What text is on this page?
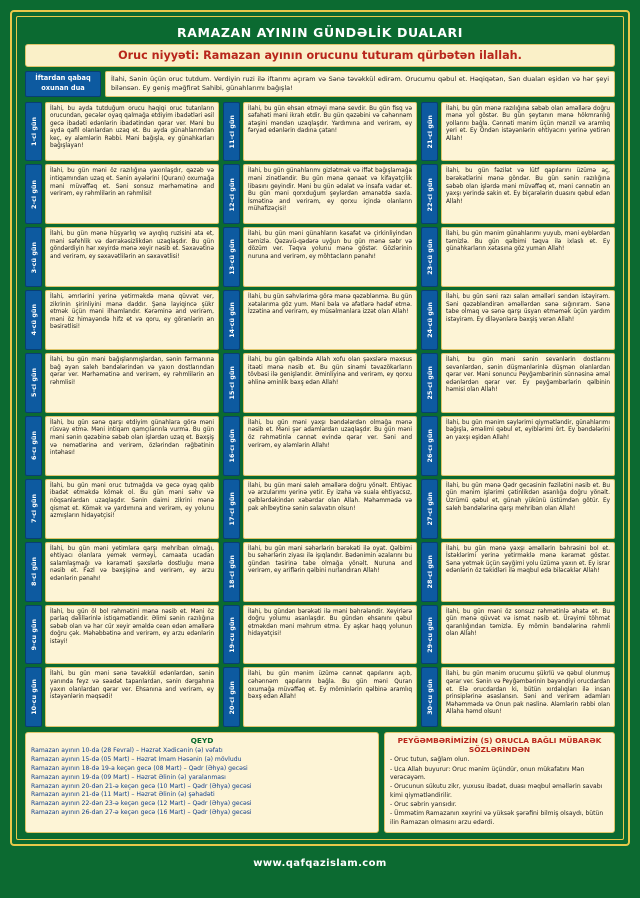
RAMAZAN AYININ GÜNDƏLİK DUALARI
Oruc niyyəti: Ramazan ayının orucunu tuturam qürbətən ilallah.
İftardan qabaq
oxunan dua
İlahi, Sənin üçün oruc tutdum. Verdiyin ruzi ilə iftarımı açıram və Sənə təvəkkül edirəm. Orucumu qəbul et. Həqiqətən, Sən duaları eşidən və hər şeyi bilənsən. Ey geniş məğfirət Sahibi, günahlarımı bağışla!
1-ci gün
İlahi, bu ayda tutduğum orucu həqiqi oruc tutanların orucundan, gecələr oyaq qalmağa etdiyim ibadətləri əsil gecə ibadəti edənlərin ibadətindən qərar ver. Məni bu ayda qafil olanlardan uzaq et. Bu ayda günahlarımdan keç, ey aləmlərin Rəbbi. Məni bağışla, ey günahkarları bağışlayan!
2-ci gün
İlahi, bu gün məni öz razılığına yaxınlaşdır, qəzəb və intiqamından uzaq et. Sənin ayələrini (Quranı) oxumağa məni müvəffəq et. Səni sonsuz mərhəmətinə and verirəm, ey rəhmlilərin ən rəhmlisi!
3-cü gün
İlahi, bu gün mənə hüşyarlıq və ayıqlıq ruzisini ata et, məni səfehlik və dərrakəsizlikdən uzaqlaşdır. Bu gün göndərdiyin hər xeyirdə mənə xeyir nəsib et. Səxavətinə and verirəm, ey səxavətlilərin ən səxavətlisi!
4-cü gün
İlahi, əmrlərini yerinə yetirməkdə mənə qüvvət ver, zikrinin şirinliyini mənə daddır. Şənə layiqincə şükr etmək üçün məni ilhamlandır. Kərəminə and verirəm, məni öz himayəndə hifz et və qoru, ey görənlərin ən bəsirətlisi!
5-ci gün
İlahi, bu gün məni bağışlanmışlardan, sənin fərmanına bağ əyən saleh bəndələrindən və yaxın dostlarından qərar ver. Mərhəmətinə and verirəm, ey rəhmlilərin ən rəhmlisi!
6-cı gün
İlahi, bu gün sənə qarşı etdiyim günahlara görə məni rüsvay etmə. Məni intiqam qamçılarınla vurma. Bu gün məni sənin qəzəbinə səbəb olan işlərdən uzaq et. Bəxşiş və nemətlərinə and verirəm, özlərindən rəğbətinin intəhası!
7-ci gün
İlahi, bu gün məni oruc tutmağda və gecə oyaq qalıb ibadət etməkdə kömək ol. Bu gün məni səhv və nöqsanlardan uzaqlaşdır. Sənin daimi zikrini mənə qismət et. Kömək və yardımına and verirəm, ey yolunu azmışların hidayətçisi!
8-ci gün
İlahi, bu gün məni yetimlərə qarşı mehriban olmağı, ehtiyacı olanlara yemək verməyi, camaata ucadan salamlaşmağı və kəraməti şəxslərlə dostluğu mənə nəsib et. Fəzl və bəxşişinə and verirəm, ey arzu edənlərin pənahı!
9-cu gün
İlahi, bu gün öl bol rəhmətini mənə nəsib et. Məni öz parlaq dəlillərinlə istiqamətləndir. Əlimi sənin razılığına səbəb olan və hər cür xeyir əməldə ceən edən əməllərə doğru çək. Məhəbbətinə and verirəm, ey arzu edənlərin istəyi!
10-cu gün
İlahi, bu gün məni sənə təvəkkül edənlərdən, sənin yanında feyz və səadət tapanlardan, sənin dərgahına yaxın olanlardan qərar ver. Ehsanına and verirəm, ey istəyənlərin məqsədi!
11-ci gün
İlahi, bu gün ehsan etməyi mənə sevdir. Bu gün fisq və səfahəti məni ikrah etdir. Bu gün qəzəbini və cəhənnəm atəşini məndən uzaqlaşdır. Yardımına and verirəm, ey fəryad edənlərin dadına çatan!
12-ci gün
İlahi, bu gün günahlarımı gizlətmək və iffət bağışlamağa məni zinətləndir. Bu gün mənə qənaət və kifayətçilik libasını geyindir. Məni bu gün ədalət və insafa vadar et. Bu gün məni qorxduğum şeylərdən əmanətdə saxla. İsmətinə and verirəm, ey qorxu içində olanların mühafizəçisi!
13-cü gün
İlahi, bu gün məni günahların kəsafət və çirkinliyindən təmizlə. Qəzavü-qədərə uyğun bu gün mənə səbr və dözüm ver. Təqva yolunu mənə göstər. Gözlərinin nuruna and verirəm, ey möhtacların pənahı!
14-cü gün
İlahi, bu gün səhvlərimə görə mənə qəzəblənmə. Bu gün xətalarıma göz yum. Məni bəla və afətlərə hədəf etmə. İzzətinə and verirəm, ey müsəlmanlara izzət olan Allah!
15-ci gün
İlahi, bu gün qəlbində Allah xofu olan şəxslərə məxsus itaəti mənə nəsib et. Bu gün sinəmi təvazökarların tövbəsi ilə genişləndir. Əminliyinə and verirəm, ey qorxu əhlinə əminlik bəxş edən Allah!
16-cı gün
İlahi, bu gün məni yaxşı bəndələrdən olmağa mənə nəsib et. Məni şər adamlardan uzaqlaşdır. Bu gün məni öz rəhmətinlə cənnət evində qərar ver. Səni and verirəm, ey aləmlərin Allahı!
17-ci gün
İlahi, bu gün məni saleh əməllərə doğru yönəlt. Ehtiyac və arzularımı yerinə yetir. Ey izaha və suala ehtiyacsız, qəlblərdəkindən xəbərdar olan Allah. Məhəmmədə və pak əhlbeytinə sənin salavatın olsun!
18-ci gün
İlahi, bu gün məni səhərlərin bərəkəti ilə oyat. Qəlbimi bu səhərlərin ziyası ilə işıqlandır. Bədənimin əzalarını bu gündən təsirinə tabe olmağa yönəlt. Nuruna and verirəm, ey ariflərin qəlbini nurlandıran Allah!
19-cu gün
İlahi, bu gündən bərəkəti ilə məni bəhrələndir. Xeyirlərə doğru yolumu asanlaşdır. Bu gündən ehsanını qəbul etməkdən məni məhrum etmə. Ey aşkar haqq yolunun hidayətçisi!
20-ci gün
İlahi, bu gün mənim üzümə cənnət qapılarını açıb, cəhənnəm qapılarını bağla. Bu gün məni Quran oxumağa müvəffəq et. Ey möminlərin qəlbinə aramlıq bəxş edən Allah!
21-ci gün
İlahi, bu gün mənə razılığına səbəb olan əməllərə doğru mənə yol göstər. Bu gün şeytanın mənə hökmranlığ yollarını bağla. Cənnəti mənim üçün mənzil və aramlıq yeri et. Ey Öndən istəyənlərin ehtiyacını yerinə yetirən Allah!
22-ci gün
İlahi, bu gün fəzilət və lütf qapılarını üzümə aç, bərəkətlərini mənə göndər. Bu gün sənin razılığına səbəb olan işlərdə məni müvəffəq et, məni cənnətin ən yaxşı yerində sakin et. Ey biçarələrin duasını qəbul edən Allah!
23-cü gün
İlahi, bu gün mənim günahlarımı yuyub, məni eyblərdən təmizlə. Bu gün qəlbimi təqva ilə ixlaslı et. Ey günahkarların xətasına göz yuman Allah!
24-cü gün
İlahi, bu gün səni razı salan əməlləri səndən istəyirəm. Səni qəzəbləndirən əməllərdən sənə sığınıram. Sənə tabe olmaq və sənə qarşı üsyan etməmək üçün yardım istəyirəm. Ey diləyənlərə bəxşiş verən Allah!
25-ci gün
İlahi, bu gün məni sənin sevənlərin dostlarını sevənlərdən, sənin düşmənlərinlə düşmən olanlardan qərar ver. Məni sonuncu Peyğəmbərinin sünnəsinə əməl edənlərdən qərar ver. Ey peyğəmbərlərin qəlbinin həmisi olan Allah!
26-cı gün
İlahi, bu gün mənim səylərimi qiymətləndir, günahlarımı bağışla, əməlimi qəbul et, eyiblərimi ört. Ey bəndələrini ən yaxşı eşidən Allah!
27-ci gün
İlahi, bu gün mənə Qədr gecəsinin fəzilətini nəsib et. Bu gün mənim işlərimi çətinlikdən asanlığa doğru yönəlt. Üzrümü qəbul et, günah yükünü üstümdən götür. Ey saleh bəndələrinə qarşı mehriban olan Allah!
28-ci gün
İlahi, bu gün mənə yaxşı əməllərin bəhrəsini bol et. İstəklərimi yerinə yetirməklə mənə kəramət göstər. Sənə yetmək üçün səyğimi yolu üzümə yaxın et. Ey israr edənlərin öz təkidləri ilə məqbul edə biləcəklər Allah!
29-cu gün
İlahi, bu gün məni öz sonsuz rəhmətinlə əhatə et. Bu gün mənə qüvvət və ismət nəsib et. Ürəyimi töhmət qaranlığından təmizlə. Ey mömin bəndələrinə rəhmli olan Allah!
30-cu gün
İlahi, bu gün mənim orucumu şükrlü və qəbul olunmuş qərar ver. Sənin və Peyğəmbərinin bəyəndiyi orucdardan et. Elə orucdardan ki, bütün xırdalıqları ilə insan prinsiplərinə əsaslansın. Səni and verirəm adamları Məhəmmədə və Onun pak nəslinə. Aləmlərin rəbbi olan Allaha həmd olsun!
QEYD
Ramazan ayının 10-da (28 Fevral) – Həzrət Xədicənin (ə) vəfatı
Ramazan ayının 15-də (05 Mart) – Həzrət İmam Həsənin (ə) mövludu
Ramazan ayının 18-də 19-a keçən gecə (08 Mart) – Qədr (Əhya) gecəsi
Ramazan ayının 19-da (09 Mart) – Həzrət Əlinin (ə) yaralanması
Ramazan ayının 20-dən 21-ə keçən gecə (10 Mart) – Qədr (Əhya) gecəsi
Ramazan ayının 21-də (11 Mart) – Həzrət Əlinin (ə) şəhadəti
Ramazan ayının 22-dən 23-ə keçən gecə (12 Mart) – Qədr (Əhya) gecəsi
Ramazan ayının 26-dan 27-ə keçən gecə (16 Mart) – Qədr (Əhya) gecəsi
PEYĞƏMBƏRİMİZİN (S) ORUCLA BAĞLI MÜBARƏK SÖZLƏRİNDƏN
- Oruc tutun, sağlam olun.
- Uca Allah buyurur: Oruc mənim üçündür, onun mükafatını Mən verəcəyəm.
- Orucunun sükutu zikr, yuxusu ibadət, duası məqbul əməllərin savabı kimi qiymətləndirilir.
- Oruc səbrin yarısıdır.
- Ümmətim Ramazanın xeyrini və yüksək şərəfini bilmiş olsaydı, bütün ilin Ramazan olmasını arzu edərdi.
www.qafqazislam.com
